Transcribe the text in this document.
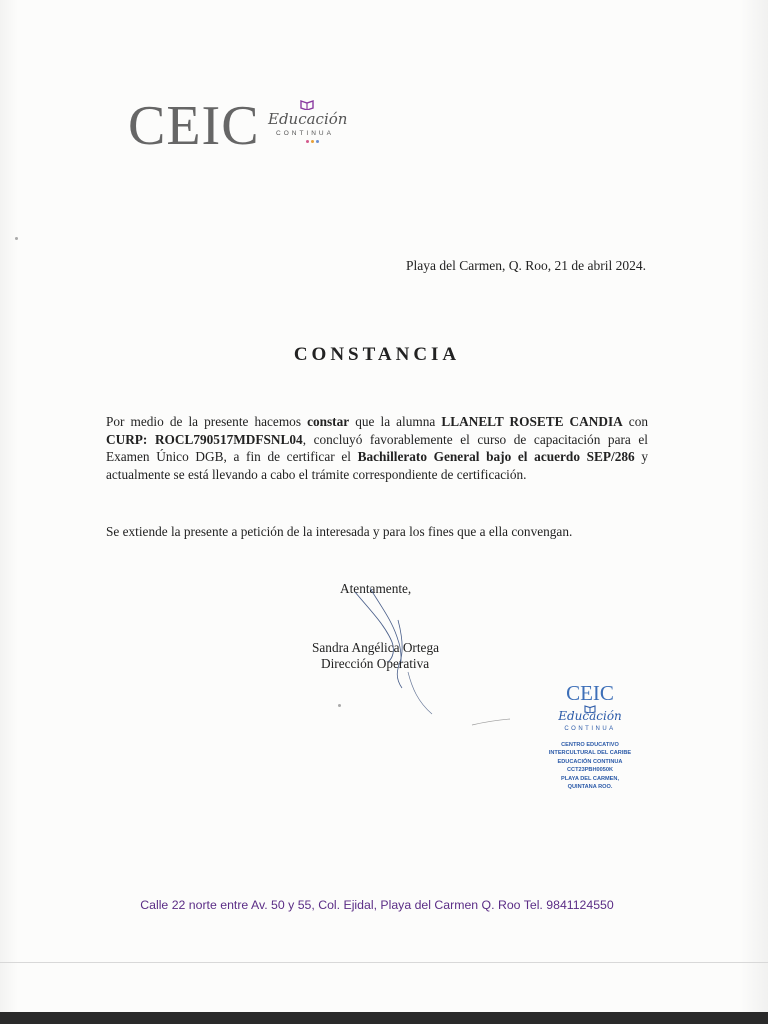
CEIC Educación
CONTINUA
Playa del Carmen, Q. Roo, 21 de abril 2024.
CONSTANCIA
Por medio de la presente hacemos constar que la alumna LLANELT ROSETE CANDIA con CURP: ROCL790517MDFSNL04, concluyó favorablemente el curso de capacitación para el Examen Único DGB, a fin de certificar el Bachillerato General bajo el acuerdo SEP/286 y actualmente se está llevando a cabo el trámite correspondiente de certificación.
Se extiende la presente a petición de la interesada y para los fines que a ella convengan.
Atentamente,
Sandra Angélica Ortega
Dirección Operativa
CEIC
Educación
CONTINUA
CENTRO EDUCATIVO
INTERCULTURAL DEL CARIBE
EDUCACIÓN CONTINUA
CCT23PBH0050K
PLAYA DEL CARMEN,
QUINTANA ROO.
Calle 22 norte entre Av. 50 y 55, Col. Ejidal, Playa del Carmen Q. Roo Tel. 9841124550
